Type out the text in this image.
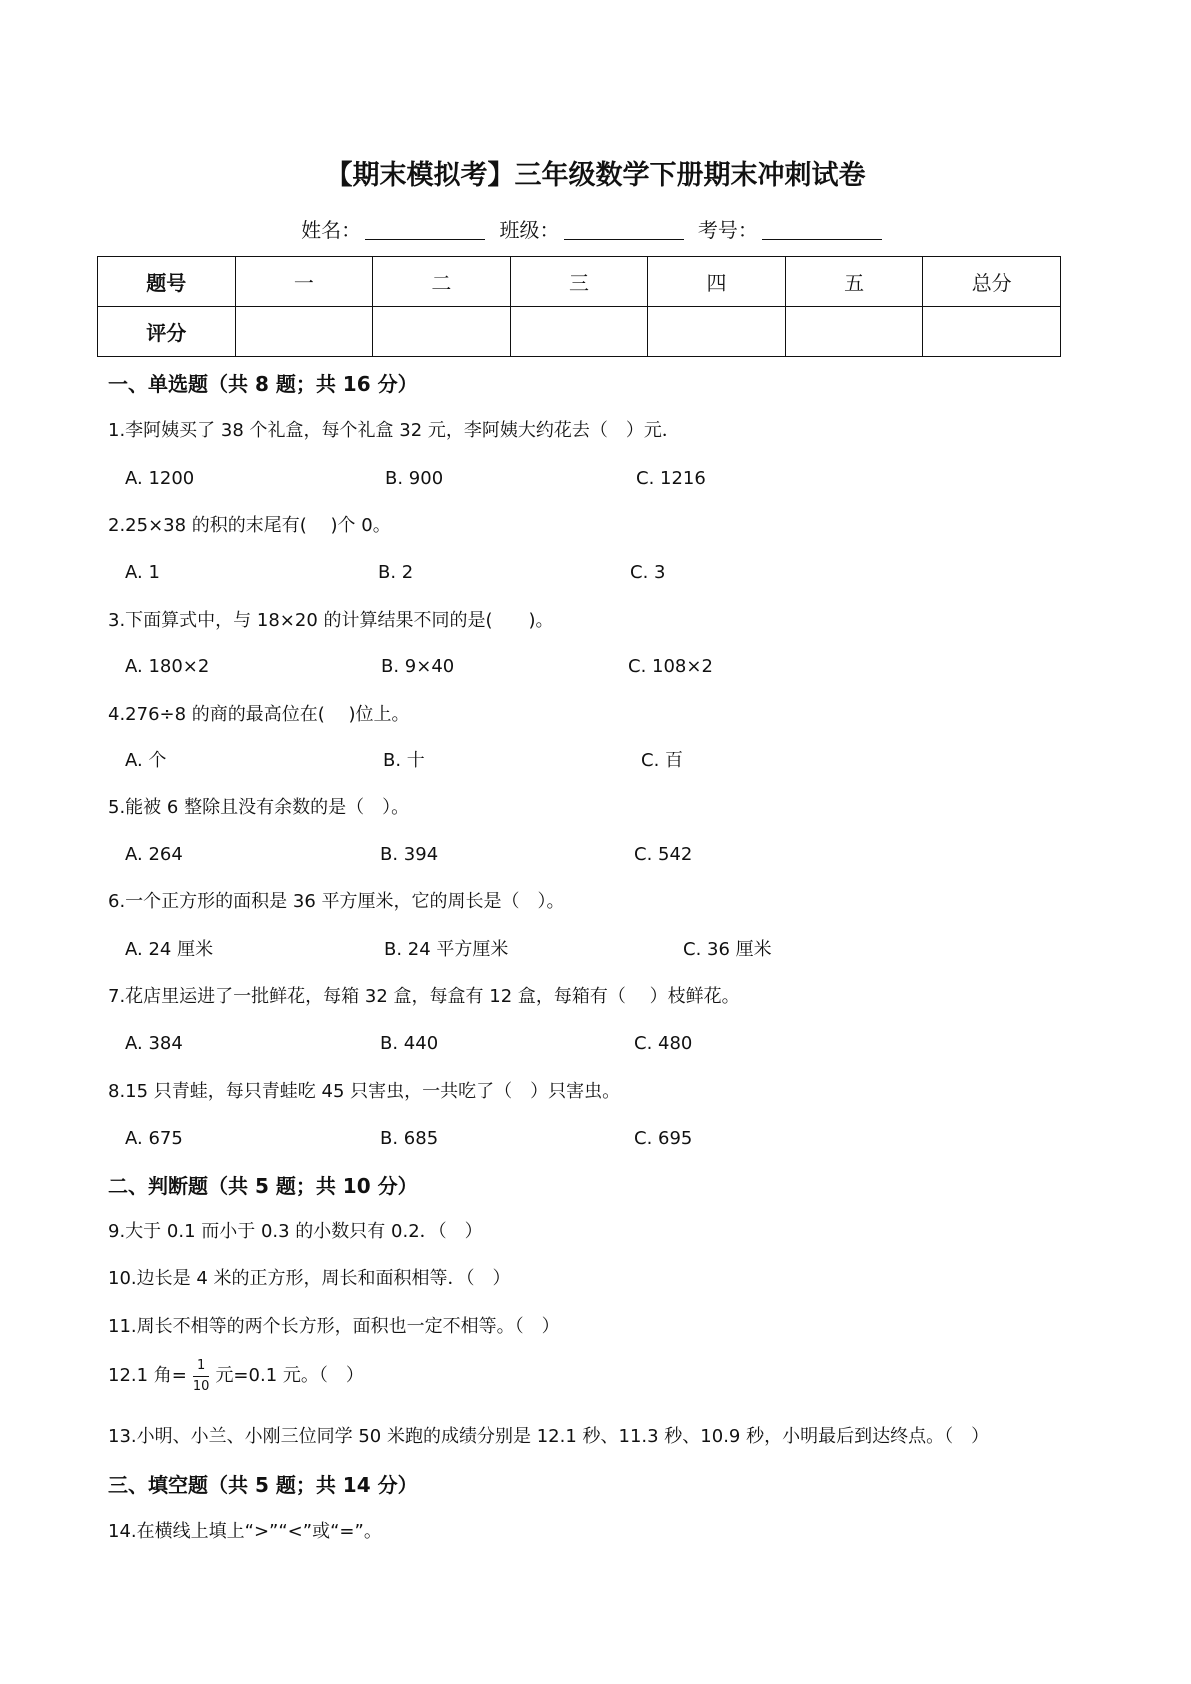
【期末模拟考】三年级数学下册期末冲刺试卷
姓名：	班级：	考号：
题号	一	二	三	四	五	总分
评分						
一、单选题（共 8 题；共 16 分）
1.李阿姨买了 38 个礼盒，每个礼盒 32 元，李阿姨大约花去（　）元．
A. 1200	B. 900	C. 1216
2.25×38 的积的末尾有(　 )个 0。
A. 1	B. 2	C. 3
3.下面算式中，与 18×20 的计算结果不同的是(　　)。
A. 180×2	B. 9×40	C. 108×2
4.276÷8 的商的最高位在(　 )位上。
A. 个	B. 十	C. 百
5.能被 6 整除且没有余数的是（　）。
A. 264	B. 394	C. 542
6.一个正方形的面积是 36 平方厘米，它的周长是（　）。
A. 24 厘米	B. 24 平方厘米	C. 36 厘米
7.花店里运进了一批鲜花，每箱 32 盒，每盒有 12 盒，每箱有（　 ）枝鲜花。
A. 384	B. 440	C. 480
8.15 只青蛙，每只青蛙吃 45 只害虫，一共吃了（　）只害虫。
A. 675	B. 685	C. 695
二、判断题（共 5 题；共 10 分）
9.大于 0.1 而小于 0.3 的小数只有 0.2．（　）
10.边长是 4 米的正方形，周长和面积相等．（　）
11.周长不相等的两个长方形，面积也一定不相等。（　）
12.1 角= $\frac{1}{10}$ 元=0.1 元。（　）
13.小明、小兰、小刚三位同学 50 米跑的成绩分别是 12.1 秒、11.3 秒、10.9 秒，小明最后到达终点。（　）
三、填空题（共 5 题；共 14 分）
14.在横线上填上“>”“<”或“=”。
